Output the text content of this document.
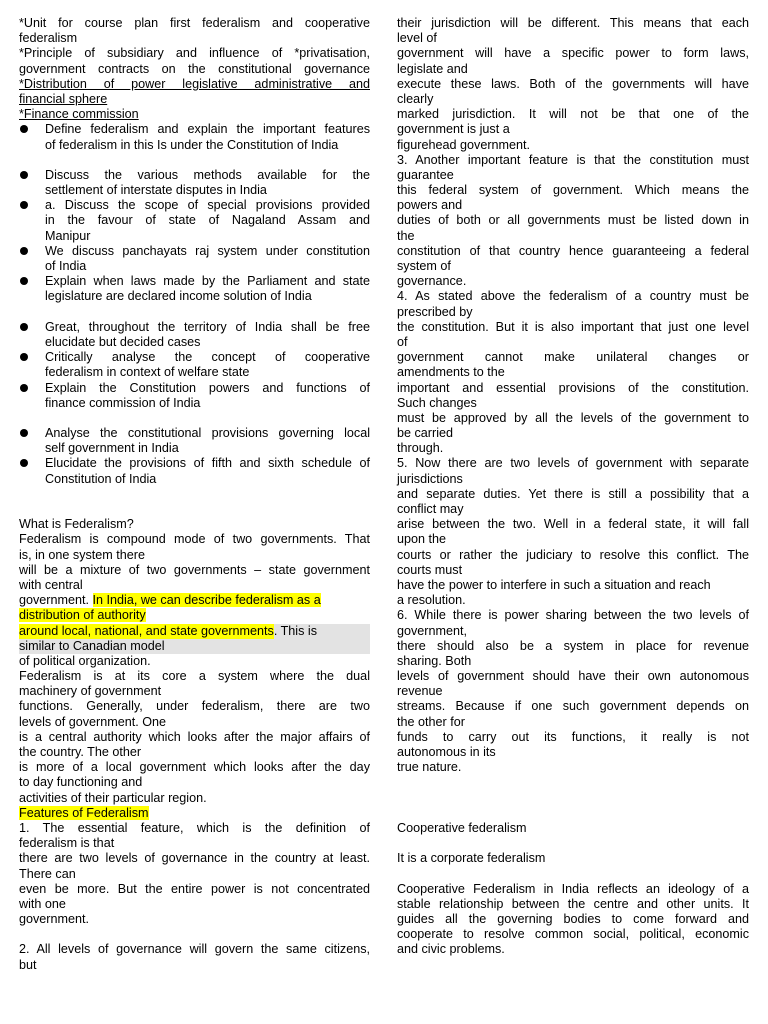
*Unit for course plan first federalism and cooperative
federalism
*Principle of subsidiary and influence of *privatisation,
government contracts on the constitutional governance
*Distribution of power legislative administrative and
financial sphere
*Finance commission
Define federalism and explain the important features
of federalism in this Is under the Constitution of India
Discuss the various methods available for the
settlement of interstate disputes in India
a. Discuss the scope of special provisions provided
in the favour of state of Nagaland Assam and
Manipur
We discuss panchayats raj system under constitution
of India
Explain when laws made by the Parliament and state
legislature are declared income solution of India
Great, throughout the territory of India shall be free
elucidate but decided cases
Critically analyse the concept of cooperative
federalism in context of welfare state
Explain the Constitution powers and functions of
finance commission of India
Analyse the constitutional provisions governing local
self government in India
Elucidate the provisions of fifth and sixth schedule of
Constitution of India
What is Federalism?
Federalism is compound mode of two governments. That
is, in one system there
will be a mixture of two governments – state government
with central
government. In India, we can describe federalism as a
distribution of authority
around local, national, and state governments . This is
similar to Canadian model
of political organization.
Federalism is at its core a system where the dual
machinery of government
functions. Generally, under federalism, there are two
levels of government. One
is a central authority which looks after the major affairs of
the country. The other
is more of a local government which looks after the day
to day functioning and
activities of their particular region.
Features of Federalism
1. The essential feature, which is the definition of
federalism is that
there are two levels of governance in the country at least.
There can
even be more. But the entire power is not concentrated
with one
government.
2. All levels of governance will govern the same citizens,
but
their jurisdiction will be different. This means that each
level of
government will have a specific power to form laws,
legislate and
execute these laws. Both of the governments will have
clearly
marked jurisdiction. It will not be that one of the
government is just a
figurehead government.
3. Another important feature is that the constitution must
guarantee
this federal system of government. Which means the
powers and
duties of both or all governments must be listed down in
the
constitution of that country hence guaranteeing a federal
system of
governance.
4. As stated above the federalism of a country must be
prescribed by
the constitution. But it is also important that just one level
of
government cannot make unilateral changes or
amendments to the
important and essential provisions of the constitution.
Such changes
must be approved by all the levels of the government to
be carried
through.
5. Now there are two levels of government with separate
jurisdictions
and separate duties. Yet there is still a possibility that a
conflict may
arise between the two. Well in a federal state, it will fall
upon the
courts or rather the judiciary to resolve this conflict. The
courts must
have the power to interfere in such a situation and reach
a resolution.
6. While there is power sharing between the two levels of
government,
there should also be a system in place for revenue
sharing. Both
levels of government should have their own autonomous
revenue
streams. Because if one such government depends on
the other for
funds to carry out its functions, it really is not
autonomous in its
true nature.
Cooperative federalism
It is a corporate federalism
Cooperative Federalism in India reflects an ideology of a
stable relationship between the centre and other units. It
guides all the governing bodies to come forward and
cooperate to resolve common social, political, economic
and civic problems.
